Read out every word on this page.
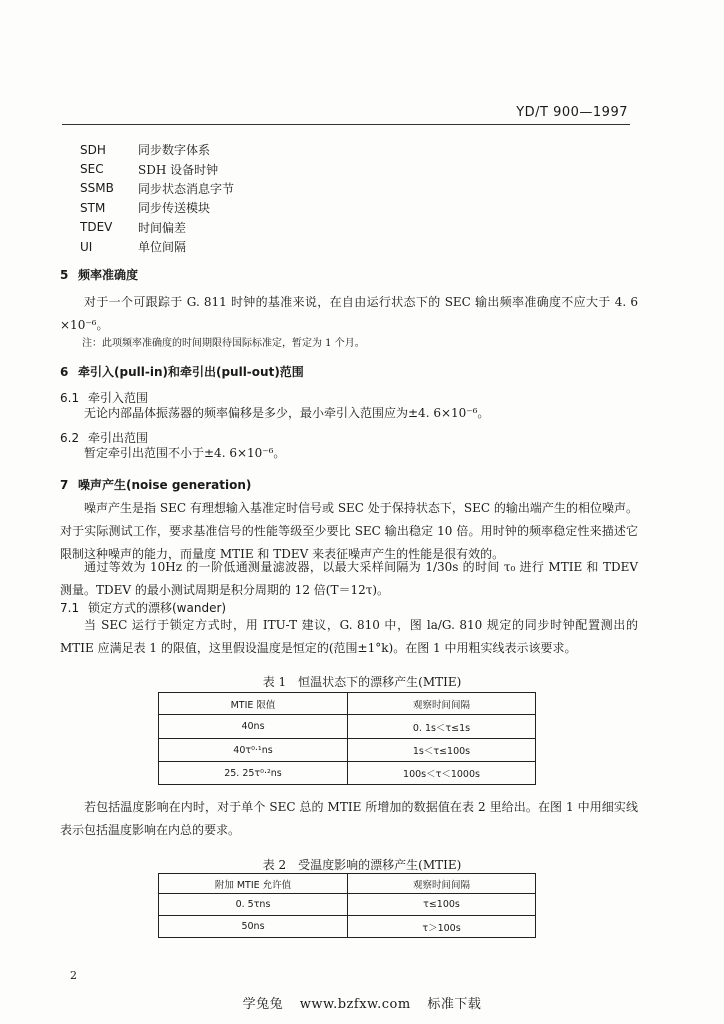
YD/T 900—1997
SDH	同步数字体系
SEC	SDH 设备时钟
SSMB	同步状态消息字节
STM	同步传送模块
TDEV	时间偏差
UI	单位间隔
5 频率准确度
对于一个可跟踪于 G. 811 时钟的基准来说，在自由运行状态下的 SEC 输出频率准确度不应大于 4. 6 ×10⁻⁶。
注：此项频率准确度的时间期限待国际标准定，暂定为 1 个月。
6 牵引入(pull-in)和牵引出(pull-out)范围
6.1 牵引入范围
无论内部晶体振荡器的频率偏移是多少，最小牵引入范围应为±4. 6×10⁻⁶。
6.2 牵引出范围
暂定牵引出范围不小于±4. 6×10⁻⁶。
7 噪声产生(noise generation)
噪声产生是指 SEC 有理想输入基准定时信号或 SEC 处于保持状态下，SEC 的输出端产生的相位噪声。对于实际测试工作，要求基准信号的性能等级至少要比 SEC 输出稳定 10 倍。用时钟的频率稳定性来描述它限制这种噪声的能力，而量度 MTIE 和 TDEV 来表征噪声产生的性能是很有效的。
通过等效为 10Hz 的一阶低通测量滤波器，以最大采样间隔为 1/30s 的时间 τ₀ 进行 MTIE 和 TDEV 测量。TDEV 的最小测试周期是积分周期的 12 倍(T＝12τ)。
7.1 锁定方式的漂移(wander)
当 SEC 运行于锁定方式时，用 ITU-T 建议，G. 810 中，图 la/G. 810 规定的同步时钟配置测出的 MTIE 应满足表 1 的限值，这里假设温度是恒定的(范围±1°k)。在图 1 中用粗实线表示该要求。
表 1　恒温状态下的漂移产生(MTIE)
MTIE 限值	观察时间间隔
40ns	0. 1s＜τ≤1s
40τ⁰·¹ns	1s＜τ≤100s
25. 25τ⁰·²ns	100s＜τ＜1000s
若包括温度影响在内时，对于单个 SEC 总的 MTIE 所增加的数据值在表 2 里给出。在图 1 中用细实线表示包括温度影响在内总的要求。
表 2　受温度影响的漂移产生(MTIE)
附加 MTIE 允许值	观察时间间隔
0. 5τns	τ≤100s
50ns	τ＞100s
2
学兔兔 www.bzfxw.com 标准下载
